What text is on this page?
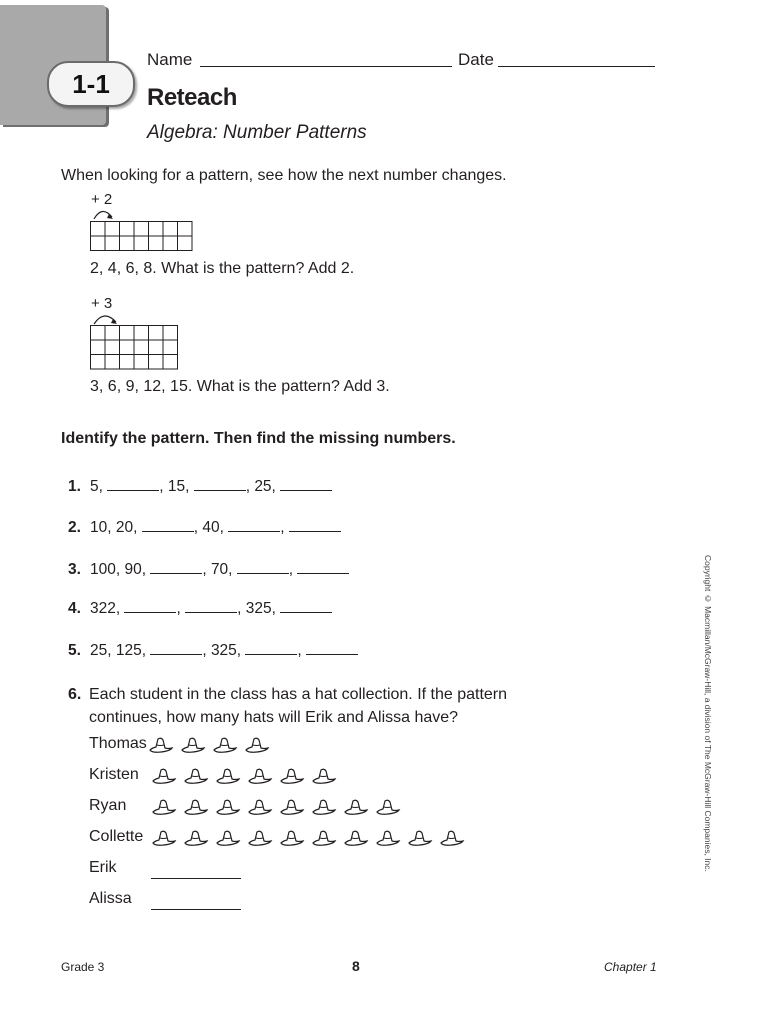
1-1
Name	Date
Reteach
Algebra: Number Patterns
When looking for a pattern, see how the next number changes.
+ 2
2, 4, 6, 8. What is the pattern? Add 2.
+ 3
3, 6, 9, 12, 15. What is the pattern? Add 3.
Identify the pattern. Then find the missing numbers.
1. 5,	, 15,	, 25,
2. 10, 20,	, 40,	,
3. 100, 90,	, 70,	,
4. 322,	,	, 325,
5. 25, 125,	, 325,	,
6. Each student in the class has a hat collection. If the pattern
continues, how many hats will Erik and Alissa have?
Thomas
Kristen
Ryan
Collette
Erik
Alissa
Grade 3	8	Chapter 1
Copyright © Macmillan/McGraw-Hill, a division of The McGraw-Hill Companies, Inc.
